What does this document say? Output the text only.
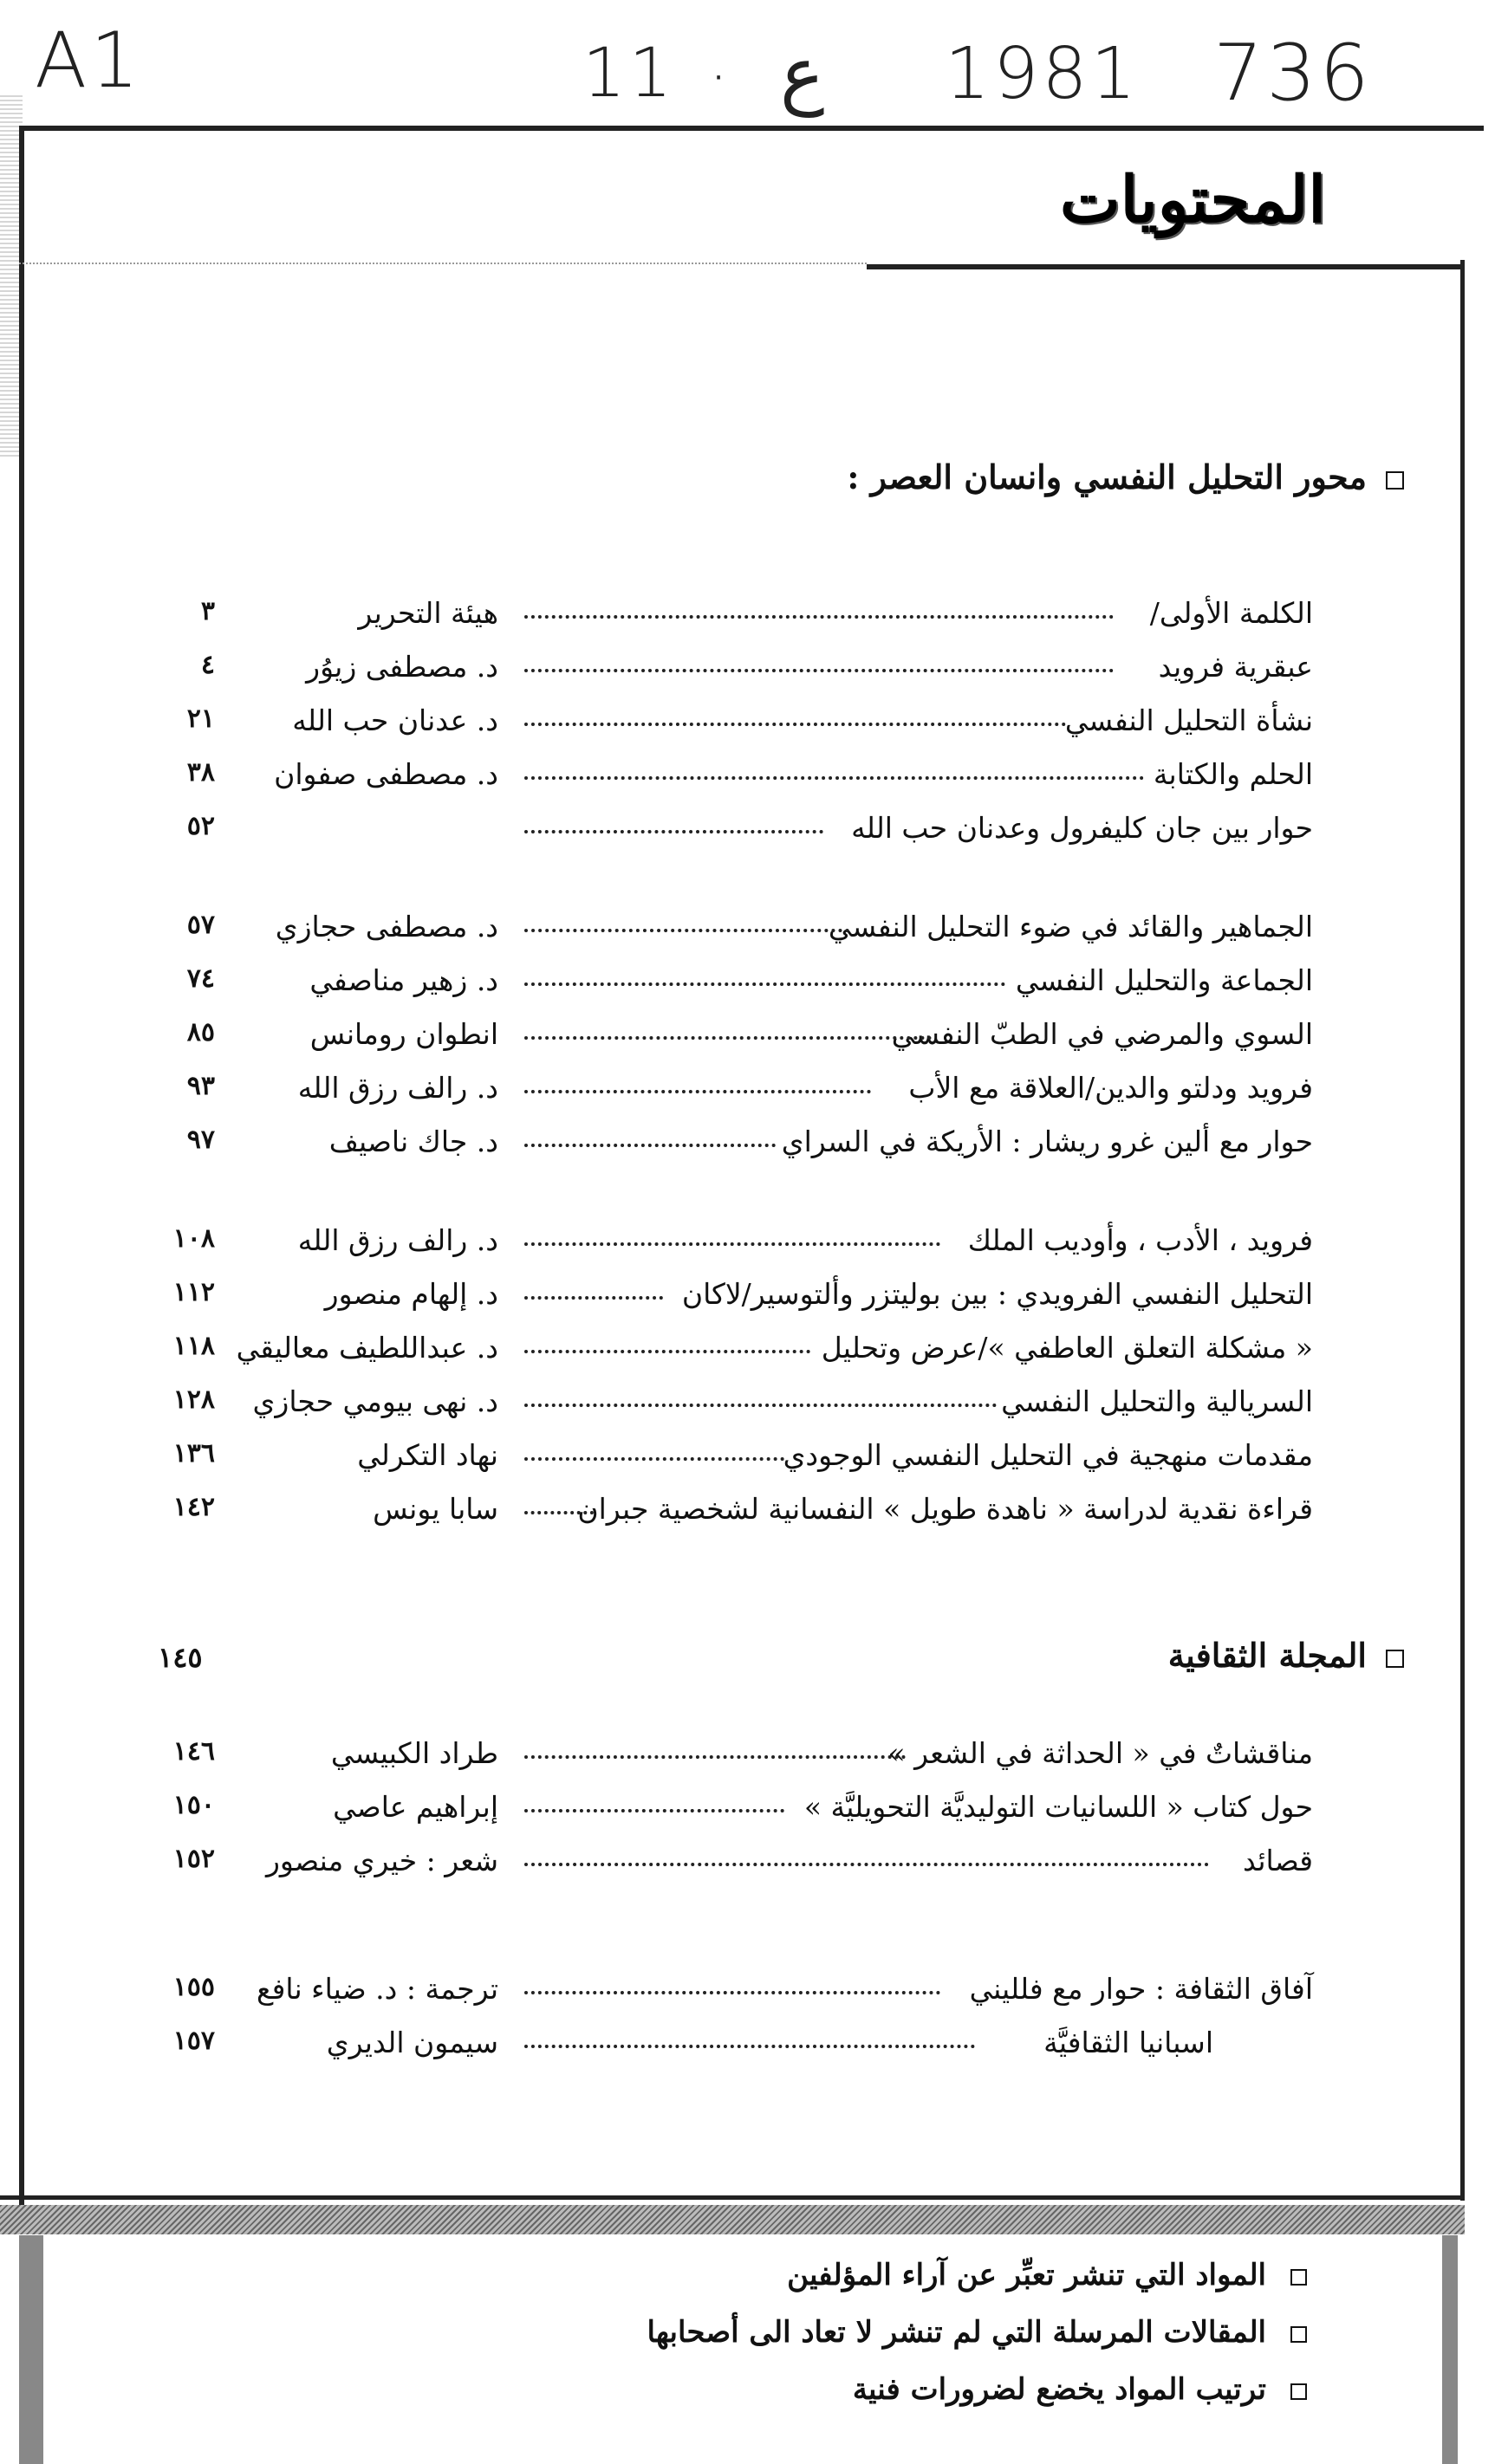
A1	11 · ع 1981 736
المحتويات
محور التحليل النفسي وانسان العصر :
الكلمة الأولى/
هيئة التحرير
٣
عبقرية فرويد
د. مصطفى زيوُر
٤
نشأة التحليل النفسي
د. عدنان حب الله
٢١
الحلم والكتابة
د. مصطفى صفوان
٣٨
حوار بين جان كليفرول وعدنان حب الله
٥٢
الجماهير والقائد في ضوء التحليل النفسي
د. مصطفى حجازي
٥٧
الجماعة والتحليل النفسي
د. زهير مناصفي
٧٤
السوي والمرضي في الطبّ النفسي
انطوان رومانس
٨٥
فرويد ودلتو والدين/العلاقة مع الأب
د. رالف رزق الله
٩٣
حوار مع ألين غرو ريشار : الأريكة في السراي
د. جاك ناصيف
٩٧
فرويد ، الأدب ، وأوديب الملك
د. رالف رزق الله
١٠٨
التحليل النفسي الفرويدي : بين بوليتزر وألتوسير/لاكان
د. إلهام منصور
١١٢
« مشكلة التعلق العاطفي »/عرض وتحليل
د. عبداللطيف معاليقي
١١٨
السريالية والتحليل النفسي
د. نهى بيومي حجازي
١٢٨
مقدمات منهجية في التحليل النفسي الوجودي
نهاد التكرلي
١٣٦
قراءة نقدية لدراسة « ناهدة طويل » النفسانية لشخصية جبران
سابا يونس
١٤٢
المجلة الثقافية
١٤٥
مناقشاتٌ في « الحداثة في الشعر »
طراد الكبيسي
١٤٦
حول كتاب « اللسانيات التوليديَّة التحويليَّة »
إبراهيم عاصي
١٥٠
قصائد
شعر : خيري منصور
١٥٢
آفاق الثقافة : حوار مع فلليني
ترجمة : د. ضياء نافع
١٥٥
اسبانيا الثقافيَّة
سيمون الديري
١٥٧
المواد التي تنشر تعبِّر عن آراء المؤلفين
المقالات المرسلة التي لم تنشر لا تعاد الى أصحابها
ترتيب المواد يخضع لضرورات فنية
